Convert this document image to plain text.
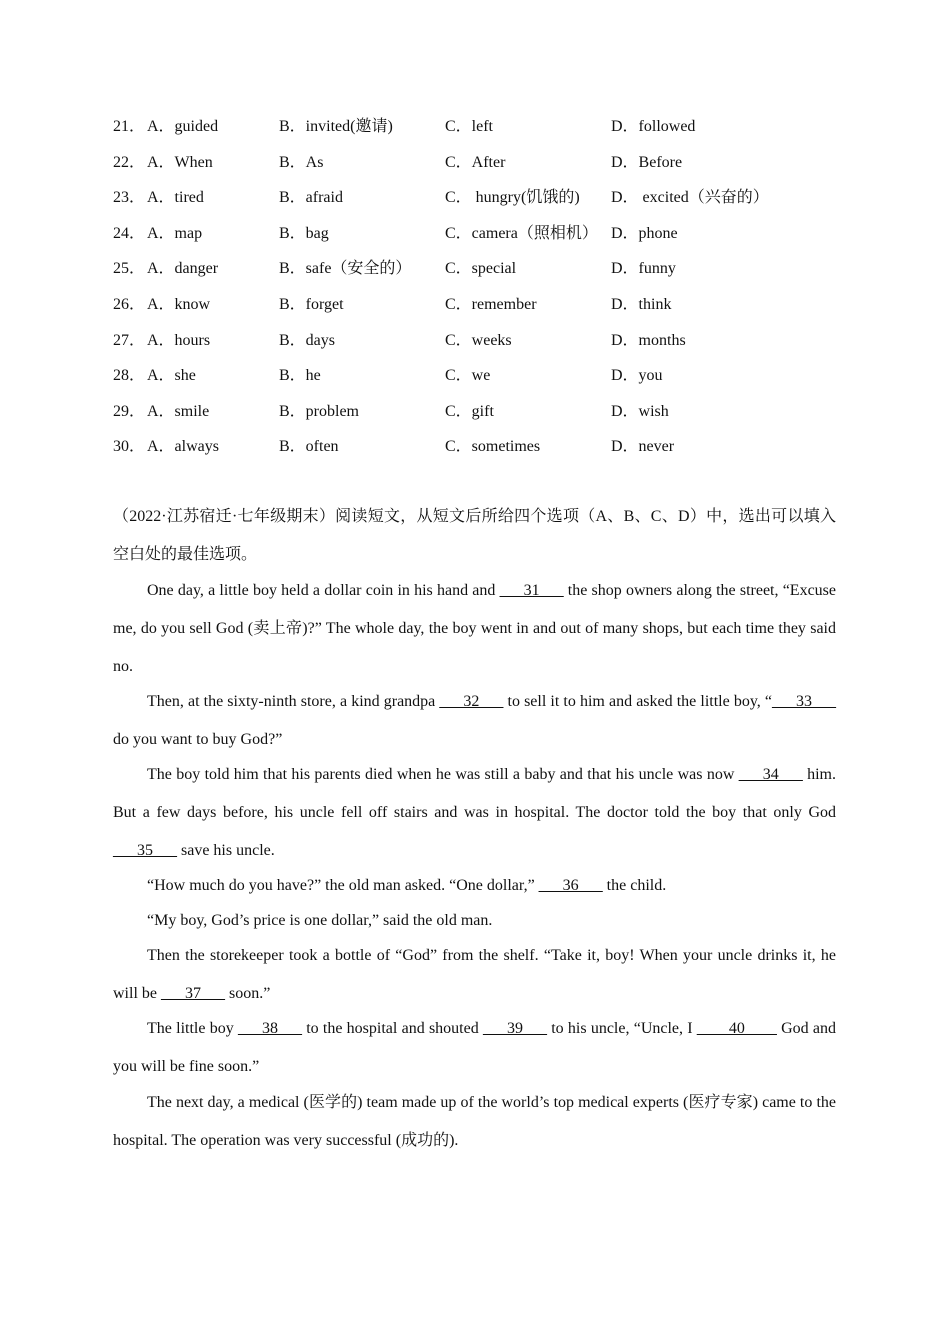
21． A．guided	B．invited(邀请)	C．left	D．followed
22． A．When	B．As	C．After	D．Before
23． A．tired	B．afraid	C． hungry(饥饿的) D． excited（兴奋的）
24． A．map	B．bag	C．camera（照相机） D．phone
25． A．danger	B．safe（安全的） C．special	D．funny
26． A．know	B．forget	C．remember	D．think
27． A．hours	B．days	C．weeks	D．months
28． A．she	B．he	C．we	D．you
29． A．smile	B．problem	C．gift	D．wish
30． A．always	B．often	C．sometimes	D．never
（2022·江苏宿迁·七年级期末）阅读短文，从短文后所给四个选项（A、B、C、D）中，选出可以填入空白处的最佳选项。
One day, a little boy held a dollar coin in his hand and ___31___ the shop owners along the street, “Excuse me, do you sell God (卖上帝)?” The whole day, the boy went in and out of many shops, but each time they said no.
Then, at the sixty-ninth store, a kind grandpa ___32___ to sell it to him and asked the little boy, “___33___ do you want to buy God?”
The boy told him that his parents died when he was still a baby and that his uncle was now ___34___ him. But a few days before, his uncle fell off stairs and was in hospital. The doctor told the boy that only God ___35___ save his uncle.
“How much do you have?” the old man asked. “One dollar,” ___36___ the child.
“My boy, God’s price is one dollar,” said the old man.
Then the storekeeper took a bottle of “God” from the shelf. “Take it, boy! When your uncle drinks it, he will be ___37___ soon.”
The little boy ___38___ to the hospital and shouted ___39___ to his uncle, “Uncle, I ____40____ God and you will be fine soon.”
The next day, a medical (医学的) team made up of the world’s top medical experts (医疗专家) came to the hospital. The operation was very successful (成功的).
